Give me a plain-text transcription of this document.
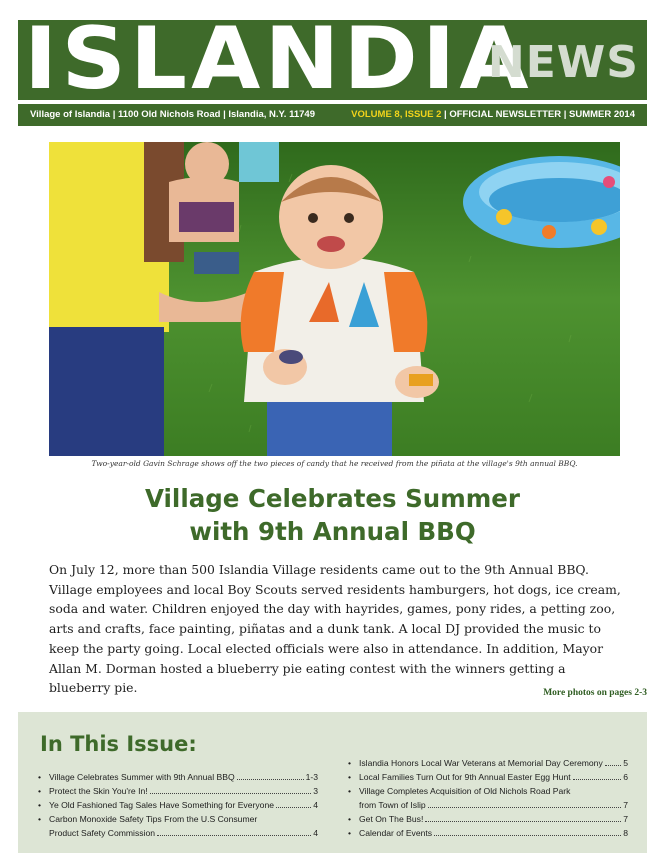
ISLANDIA
NEWS
Village of Islandia | 1100 Old Nichols Road | Islandia, N.Y. 11749	VOLUME 8, ISSUE 2 | OFFICIAL NEWSLETTER | SUMMER 2014
Two-year-old Gavin Schrage shows off the two pieces of candy that he received from the piñata at the village's 9th annual BBQ.
Village Celebrates Summer
with 9th Annual BBQ
On July 12, more than 500 Islandia Village residents came out to the 9th Annual BBQ. Village employees and local Boy Scouts served residents hamburgers, hot dogs, ice cream, soda and water. Children enjoyed the day with hayrides, games, pony rides, a petting zoo, arts and crafts, face painting, piñatas and a dunk tank. A local DJ provided the music to keep the party going. Local elected officials were also in attendance. In addition, Mayor Allan M. Dorman hosted a blueberry pie eating contest with the winners getting a blueberry pie.	More photos on pages 2-3
In This Issue:
• Village Celebrates Summer with 9th Annual BBQ	1-3
• Protect the Skin You're In!	3
• Ye Old Fashioned Tag Sales Have Something for Everyone	4
• Carbon Monoxide Safety Tips From the U.S Consumer
Product Safety Commission	4
• Islandia Honors Local War Veterans at Memorial Day Ceremony 5
• Local Families Turn Out for 9th Annual Easter Egg Hunt	6
• Village Completes Acquisition of Old Nichols Road Park
from Town of Islip	7
• Get On The Bus!	7
• Calendar of Events	8
